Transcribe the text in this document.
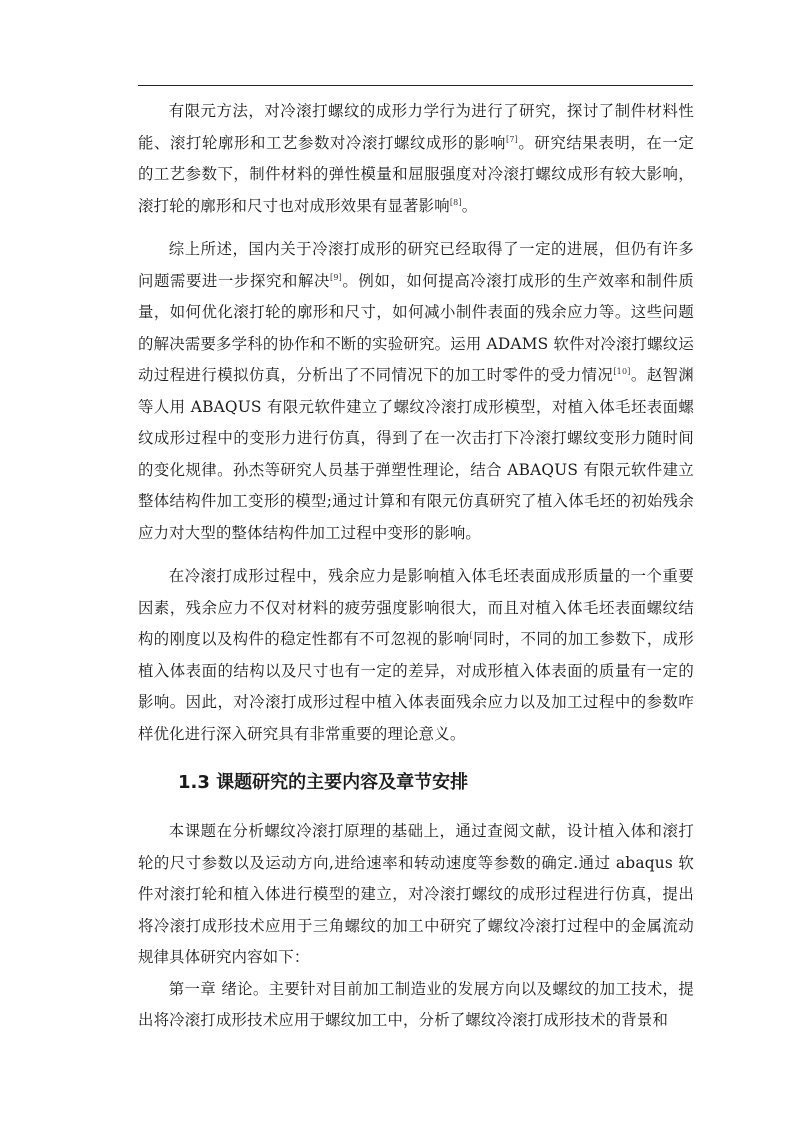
有限元方法，对冷滚打螺纹的成形力学行为进行了研究，探讨了制件材料性能、滚打轮廓形和工艺参数对冷滚打螺纹成形的影响[7]。研究结果表明，在一定的工艺参数下，制件材料的弹性模量和屈服强度对冷滚打螺纹成形有较大影响，滚打轮的廓形和尺寸也对成形效果有显著影响[8]。

综上所述，国内关于冷滚打成形的研究已经取得了一定的进展，但仍有许多问题需要进一步探究和解决[9]。例如，如何提高冷滚打成形的生产效率和制件质量，如何优化滚打轮的廓形和尺寸，如何减小制件表面的残余应力等。这些问题的解决需要多学科的协作和不断的实验研究。运用 ADAMS 软件对冷滚打螺纹运动过程进行模拟仿真，分析出了不同情况下的加工时零件的受力情况[10]。赵智渊等人用 ABAQUS 有限元软件建立了螺纹冷滚打成形模型，对植入体毛坯表面螺纹成形过程中的变形力进行仿真，得到了在一次击打下冷滚打螺纹变形力随时间的变化规律。孙杰等研究人员基于弹塑性理论，结合 ABAQUS 有限元软件建立整体结构件加工变形的模型;通过计算和有限元仿真研究了植入体毛坯的初始残余应力对大型的整体结构件加工过程中变形的影响。

在冷滚打成形过程中，残余应力是影响植入体毛坯表面成形质量的一个重要因素，残余应力不仅对材料的疲劳强度影响很大，而且对植入体毛坯表面螺纹结构的刚度以及构件的稳定性都有不可忽视的影响[同时，不同的加工参数下，成形植入体表面的结构以及尺寸也有一定的差异，对成形植入体表面的质量有一定的影响。因此，对冷滚打成形过程中植入体表面残余应力以及加工过程中的参数咋样优化进行深入研究具有非常重要的理论意义。

1.3 课题研究的主要内容及章节安排

本课题在分析螺纹冷滚打原理的基础上，通过查阅文献，设计植入体和滚打轮的尺寸参数以及运动方向,进给速率和转动速度等参数的确定.通过 abaqus 软件对滚打轮和植入体进行模型的建立，对冷滚打螺纹的成形过程进行仿真，提出将冷滚打成形技术应用于三角螺纹的加工中研究了螺纹冷滚打过程中的金属流动规律具体研究内容如下：

第一章 绪论。主要针对目前加工制造业的发展方向以及螺纹的加工技术，提出将冷滚打成形技术应用于螺纹加工中，分析了螺纹冷滚打成形技术的背景和
